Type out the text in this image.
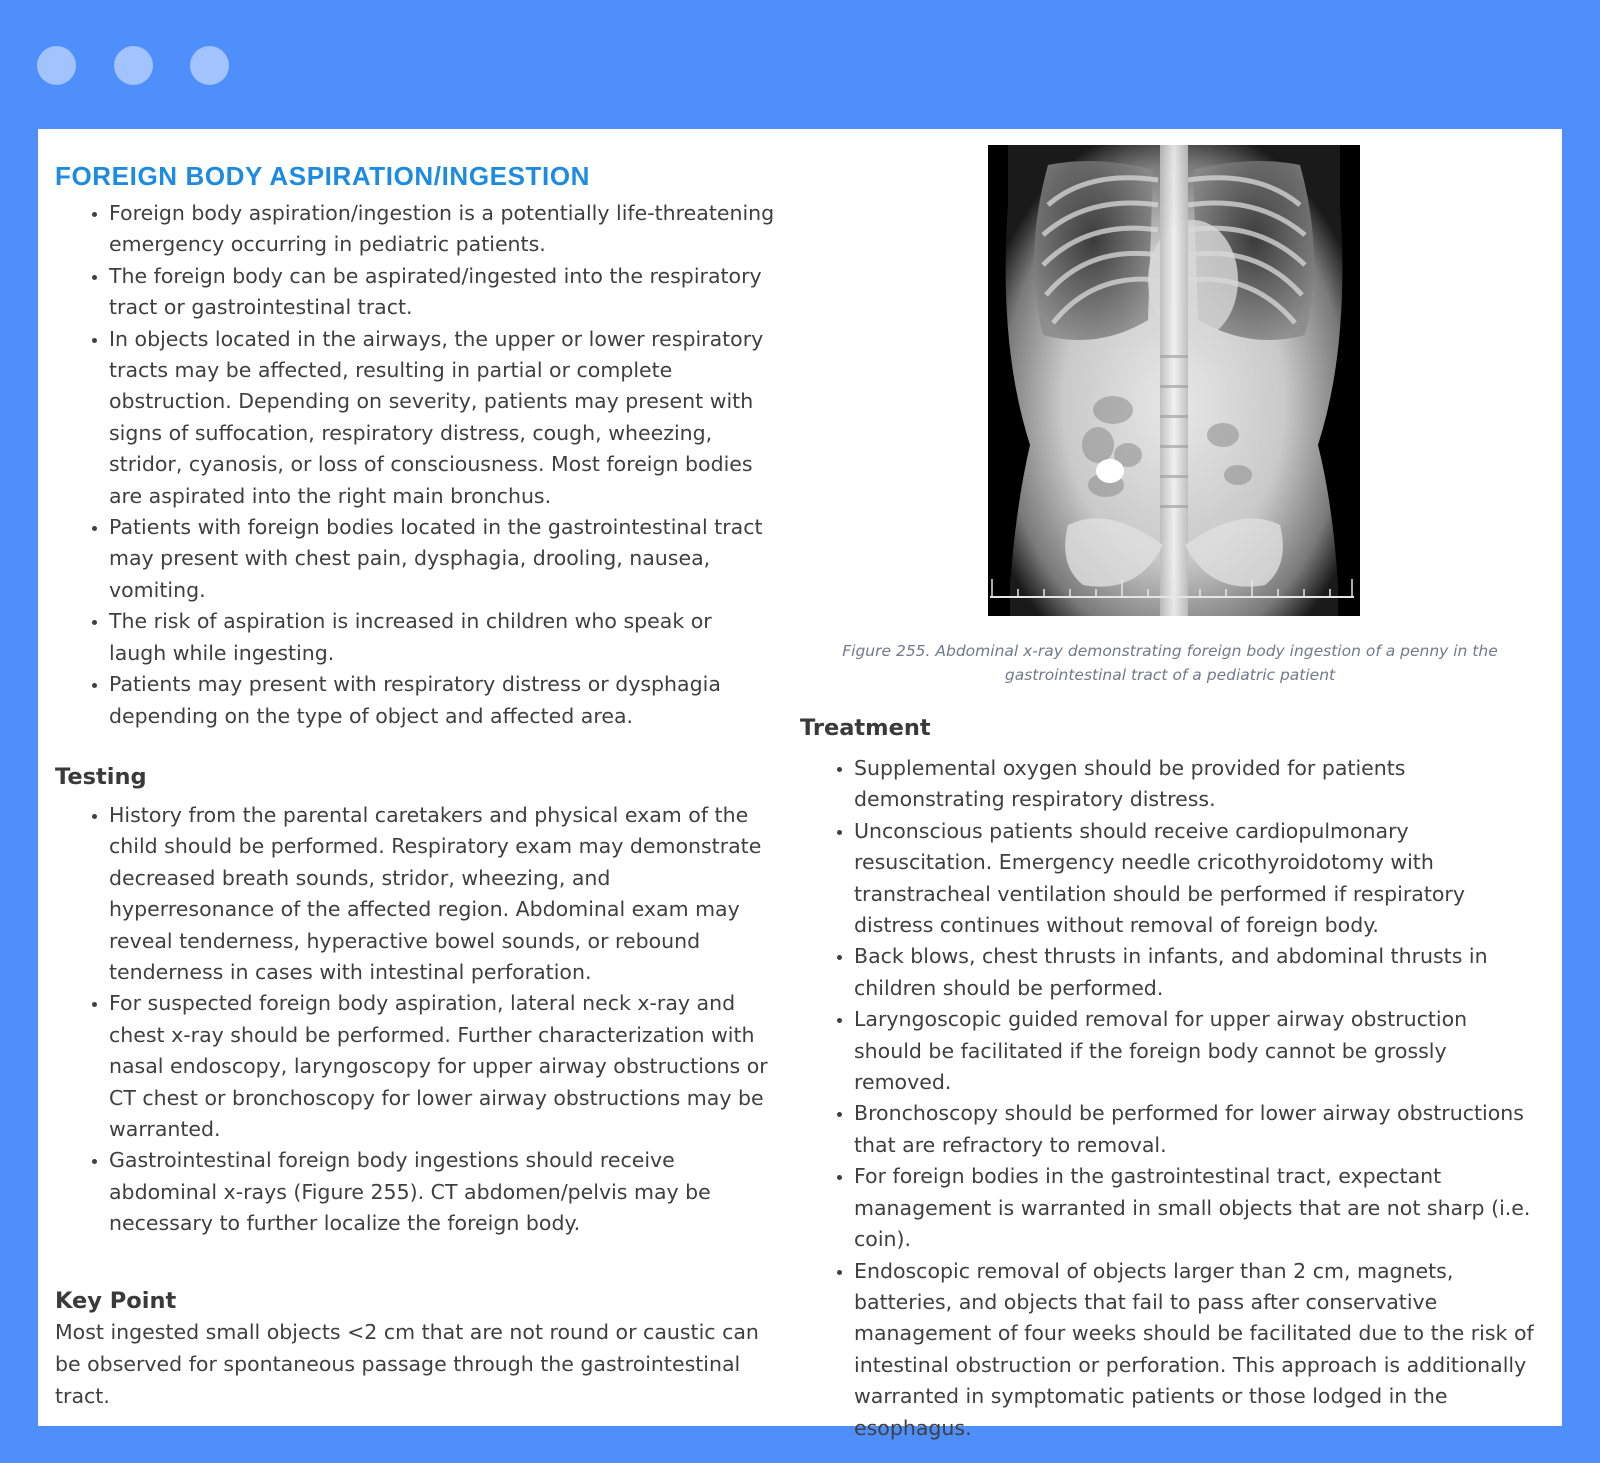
FOREIGN BODY ASPIRATION/INGESTION
• Foreign body aspiration/ingestion is a potentially life-threatening emergency occurring in pediatric patients.
• The foreign body can be aspirated/ingested into the respiratory tract or gastrointestinal tract.
• In objects located in the airways, the upper or lower respiratory tracts may be affected, resulting in partial or complete obstruction. Depending on severity, patients may present with signs of suffocation, respiratory distress, cough, wheezing, stridor, cyanosis, or loss of consciousness. Most foreign bodies are aspirated into the right main bronchus.
• Patients with foreign bodies located in the gastrointestinal tract may present with chest pain, dysphagia, drooling, nausea, vomiting.
• The risk of aspiration is increased in children who speak or laugh while ingesting.
• Patients may present with respiratory distress or dysphagia depending on the type of object and affected area.
Testing
• History from the parental caretakers and physical exam of the child should be performed. Respiratory exam may demonstrate decreased breath sounds, stridor, wheezing, and hyperresonance of the affected region. Abdominal exam may reveal tenderness, hyperactive bowel sounds, or rebound tenderness in cases with intestinal perforation.
• For suspected foreign body aspiration, lateral neck x-ray and chest x-ray should be performed. Further characterization with nasal endoscopy, laryngoscopy for upper airway obstructions or CT chest or bronchoscopy for lower airway obstructions may be warranted.
• Gastrointestinal foreign body ingestions should receive abdominal x-rays (Figure 255). CT abdomen/pelvis may be necessary to further localize the foreign body.
Key Point

Most ingested small objects <2 cm that are not round or caustic can be observed for spontaneous passage through the gastrointestinal tract.

Figure 255. Abdominal x-ray demonstrating foreign body ingestion of a penny in the gastrointestinal tract of a pediatric patient

Treatment
• Supplemental oxygen should be provided for patients demonstrating respiratory distress.
• Unconscious patients should receive cardiopulmonary resuscitation. Emergency needle cricothyroidotomy with transtracheal ventilation should be performed if respiratory distress continues without removal of foreign body.
• Back blows, chest thrusts in infants, and abdominal thrusts in children should be performed.
• Laryngoscopic guided removal for upper airway obstruction should be facilitated if the foreign body cannot be grossly removed.
• Bronchoscopy should be performed for lower airway obstructions that are refractory to removal.
• For foreign bodies in the gastrointestinal tract, expectant management is warranted in small objects that are not sharp (i.e. coin).
• Endoscopic removal of objects larger than 2 cm, magnets, batteries, and objects that fail to pass after conservative management of four weeks should be facilitated due to the risk of intestinal obstruction or perforation. This approach is additionally warranted in symptomatic patients or those lodged in the esophagus.
